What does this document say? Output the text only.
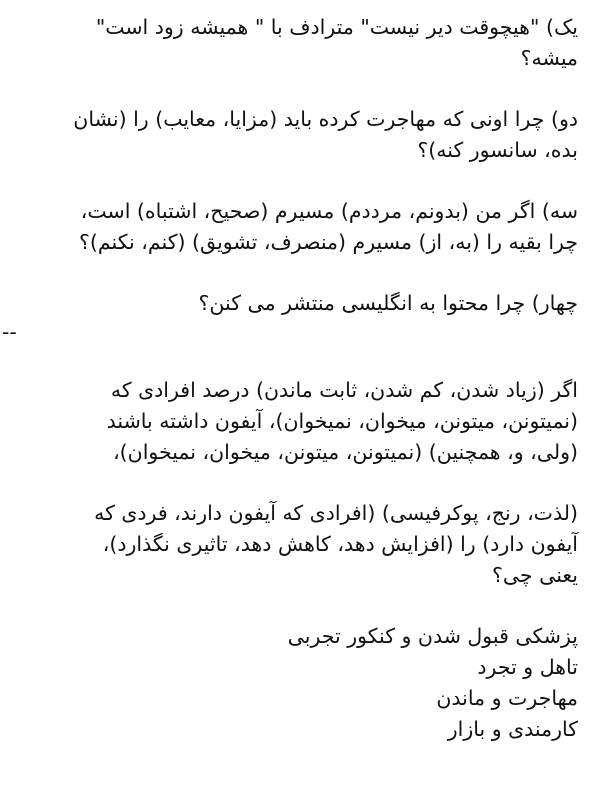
یک) "هیچوقت دیر نیست" مترادف با " همیشه زود است"
میشه؟
دو) چرا اونی که مهاجرت کرده باید (مزایا، معایب) را (نشان
بده، سانسور کنه)؟
سه) اگر من (بدونم، مرددم) مسیرم (صحیح، اشتباه) است،
چرا بقیه را (به، از) مسیرم (منصرف، تشویق) (کنم، نکنم)؟
چهار) چرا محتوا به انگلیسی منتشر می کنن؟
--
اگر (زیاد شدن، کم شدن، ثابت ماندن) درصد افرادی که
(نمیتونن، میتونن، میخوان، نمیخوان)، آیفون داشته باشند
(ولی، و، همچنین) (نمیتونن، میتونن، میخوان، نمیخوان)،
(لذت، رنج، پوکرفیسی) (افرادی که آیفون دارند، فردی که
آیفون دارد) را (افزایش دهد، کاهش دهد، تاثیری نگذارد)،
یعنی چی؟
پزشکی قبول شدن و کنکور تجربی
تاهل و تجرد
مهاجرت و ماندن
کارمندی و بازار
